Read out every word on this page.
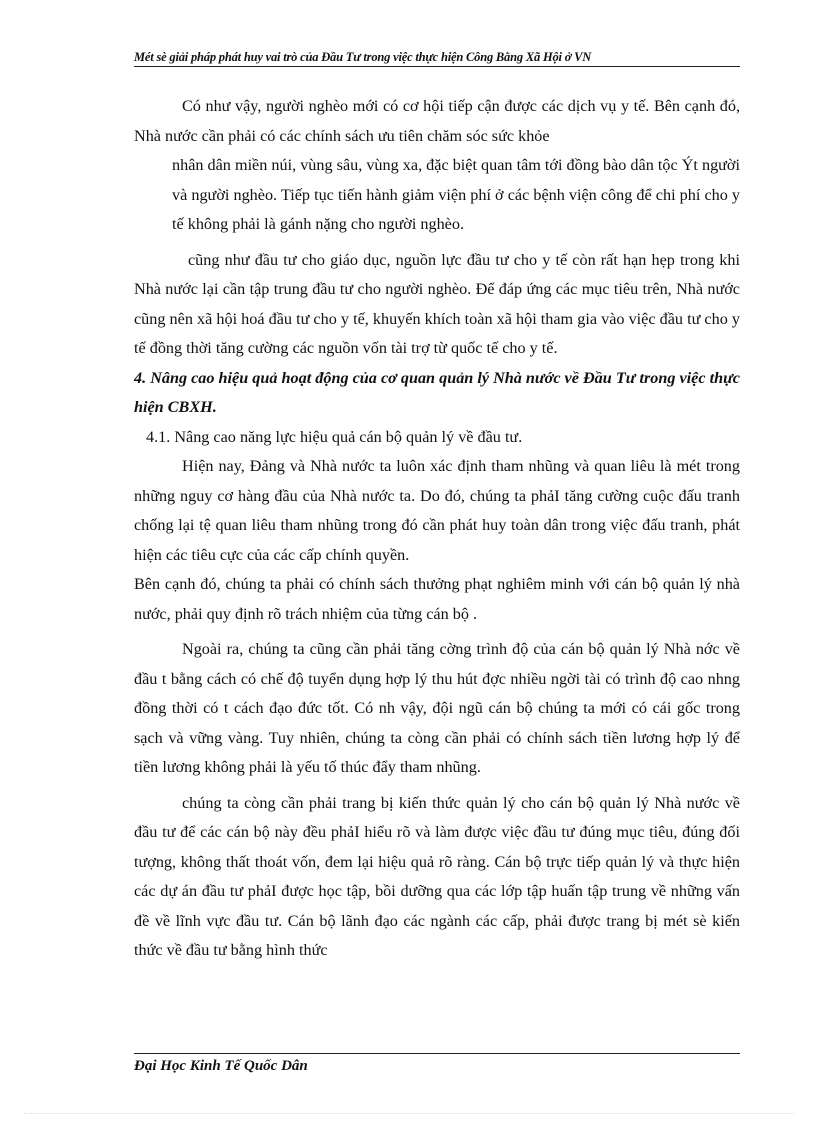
Mét sè giải pháp phát huy vai trò của Đầu Tư trong việc thực hiện Công Bằng Xã Hội ở VN

Có như vậy, người nghèo mới có cơ hội tiếp cận được các dịch vụ y tế. Bên cạnh đó, Nhà nước cần phải có các chính sách ưu tiên chăm sóc sức khỏe

nhân dân miền núi, vùng sâu, vùng xa, đặc biệt quan tâm tới đồng bào dân tộc Ýt người và người nghèo. Tiếp tục tiến hành giảm viện phí ở các bệnh viện công để chi phí cho y tế không phải là gánh nặng cho người nghèo.

cũng như đầu tư cho giáo dục, nguồn lực đầu tư cho y tế còn rất hạn hẹp trong khi Nhà nước lại cần tập trung đầu tư cho người nghèo. Để đáp ứng các mục tiêu trên, Nhà nước cũng nên xã hội hoá đầu tư cho y tế, khuyến khích toàn xã hội tham gia vào việc đầu tư cho y tế đồng thời tăng cường các nguồn vốn tài trợ từ quốc tế cho y tế.

4. Nâng cao hiệu quả hoạt động của cơ quan quản lý Nhà nước về Đầu Tư trong việc thực hiện CBXH.

4.1. Nâng cao năng lực hiệu quả cán bộ quản lý về đầu tư.

Hiện nay, Đảng và Nhà nước ta luôn xác định tham nhũng và quan liêu là mét trong những nguy cơ hàng đầu của Nhà nước ta. Do đó, chúng ta phảI tăng cường cuộc đấu tranh chống lại tệ quan liêu tham nhũng trong đó cần phát huy toàn dân trong việc đấu tranh, phát hiện các tiêu cực của các cấp chính quyền.

Bên cạnh đó, chúng ta phải có chính sách thưởng phạt nghiêm minh với cán bộ quản lý nhà nước, phải quy định rõ trách nhiệm của từng cán bộ .

Ngoài ra, chúng ta cũng cần phải tăng cờng trình độ của cán bộ quản lý Nhà nớc về đầu t bằng cách có chế độ tuyển dụng hợp lý thu hút đợc nhiều ngời tài có trình độ cao nhng đồng thời có t cách đạo đức tốt. Có nh vậy, đội ngũ cán bộ chúng ta mới có cái gốc trong sạch và vững vàng. Tuy nhiên, chúng ta còng cần phải có chính sách tiền lương hợp lý để tiền lương không phải là yếu tố thúc đẩy tham nhũng.

chúng ta còng cần phải trang bị kiến thức quản lý cho cán bộ quản lý Nhà nước về đầu tư để các cán bộ này đều phảI hiểu rõ và làm được việc đầu tư đúng mục tiêu, đúng đối tượng, không thất thoát vốn, đem lại hiệu quả rõ ràng. Cán bộ trực tiếp quản lý và thực hiện các dự án đầu tư phảI được học tập, bồi dưỡng qua các lớp tập huấn tập trung về những vấn đề về lĩnh vực đầu tư. Cán bộ lãnh đạo các ngành các cấp, phải được trang bị mét sè kiến thức về đầu tư bằng hình thức

Đại Học Kinh Tế Quốc Dân
